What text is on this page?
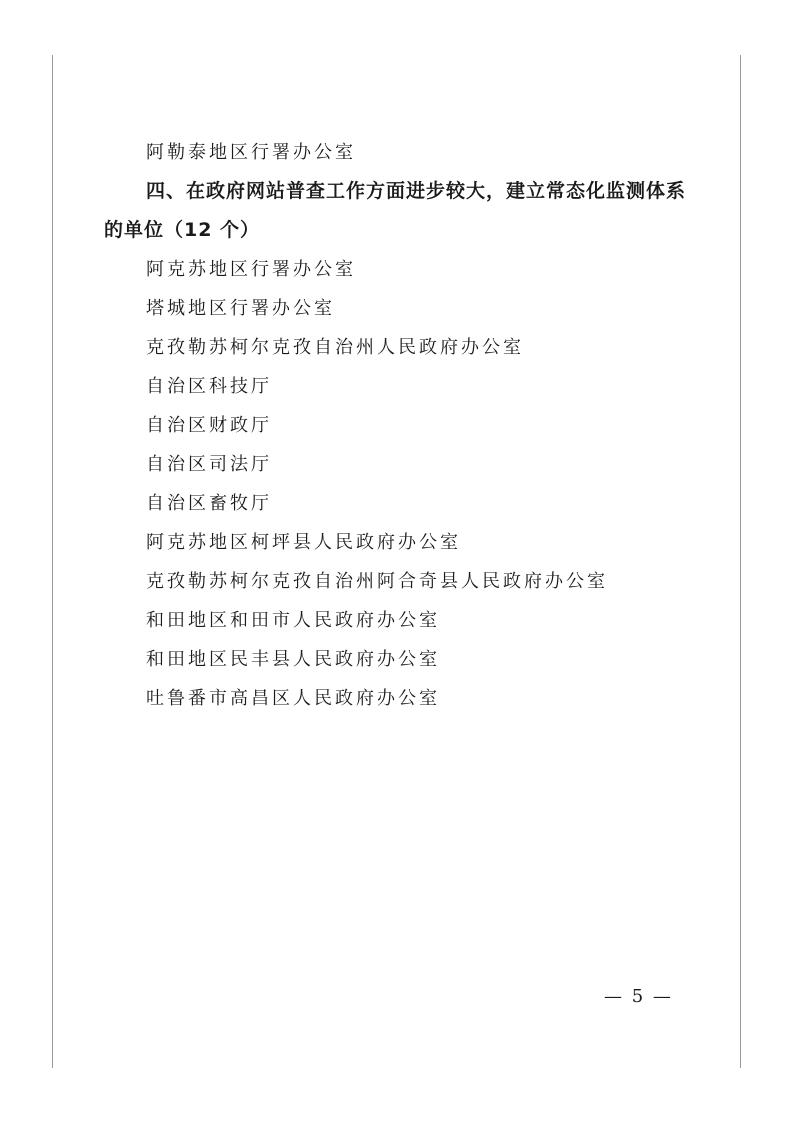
阿勒泰地区行署办公室
四、在政府网站普查工作方面进步较大，建立常态化监测体系
的单位（12 个）
阿克苏地区行署办公室
塔城地区行署办公室
克孜勒苏柯尔克孜自治州人民政府办公室
自治区科技厅
自治区财政厅
自治区司法厅
自治区畜牧厅
阿克苏地区柯坪县人民政府办公室
克孜勒苏柯尔克孜自治州阿合奇县人民政府办公室
和田地区和田市人民政府办公室
和田地区民丰县人民政府办公室
吐鲁番市高昌区人民政府办公室
— 5 —
